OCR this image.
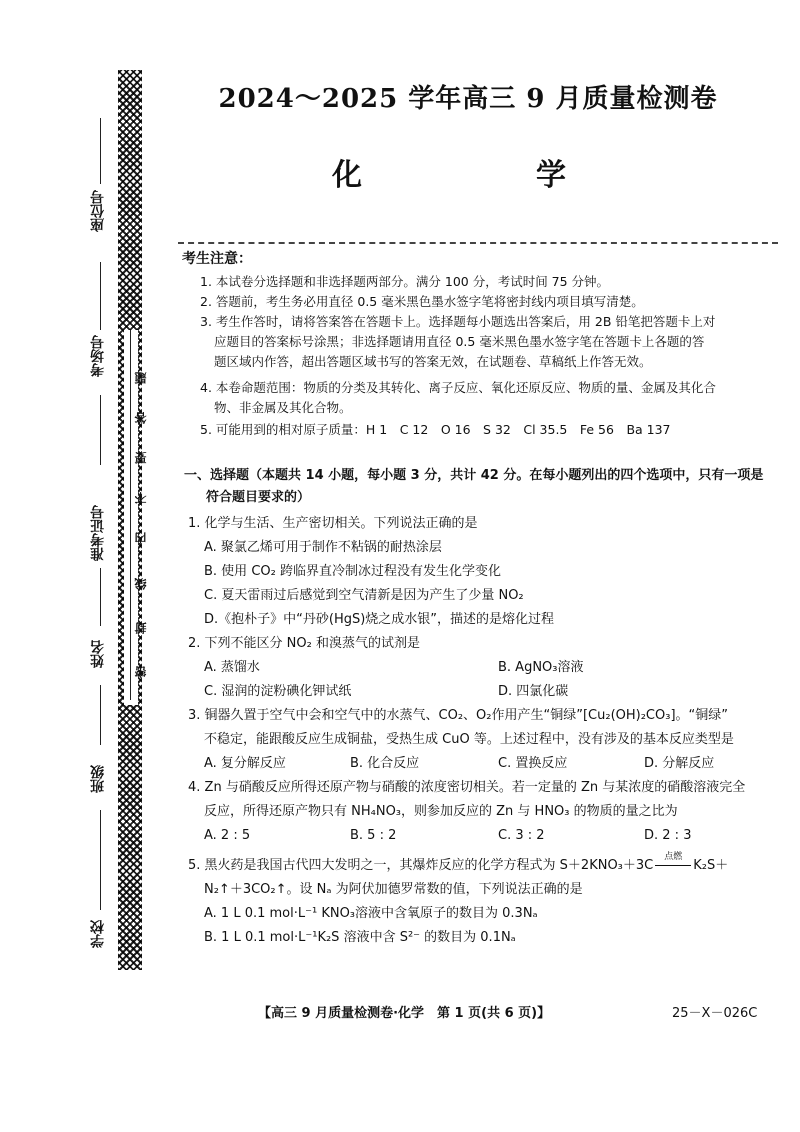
座位号
考场号
准考证号
姓名
班级
学校
题
答
要
不
内
线
封
密
2024～2025 学年高三 9 月质量检测卷
化　　学
考生注意：
1. 本试卷分选择题和非选择题两部分。满分 100 分，考试时间 75 分钟。
2. 答题前，考生务必用直径 0.5 毫米黑色墨水签字笔将密封线内项目填写清楚。
3. 考生作答时，请将答案答在答题卡上。选择题每小题选出答案后，用 2B 铅笔把答题卡上对
应题目的答案标号涂黑；非选择题请用直径 0.5 毫米黑色墨水签字笔在答题卡上各题的答
题区域内作答，超出答题区域书写的答案无效，在试题卷、草稿纸上作答无效。
4. 本卷命题范围：物质的分类及其转化、离子反应、氧化还原反应、物质的量、金属及其化合
物、非金属及其化合物。
5. 可能用到的相对原子质量：H 1　C 12　O 16　S 32　Cl 35.5　Fe 56　Ba 137
一、选择题（本题共 14 小题，每小题 3 分，共计 42 分。在每小题列出的四个选项中，只有一项是
符合题目要求的）
1. 化学与生活、生产密切相关。下列说法正确的是
A. 聚氯乙烯可用于制作不粘锅的耐热涂层
B. 使用 CO₂ 跨临界直冷制冰过程没有发生化学变化
C. 夏天雷雨过后感觉到空气清新是因为产生了少量 NO₂
D.《抱朴子》中“丹砂(HgS)烧之成水银”，描述的是熔化过程
2. 下列不能区分 NO₂ 和溴蒸气的试剂是
A. 蒸馏水	B. AgNO₃溶液
C. 湿润的淀粉碘化钾试纸	D. 四氯化碳
3. 铜器久置于空气中会和空气中的水蒸气、CO₂、O₂作用产生“铜绿”[Cu₂(OH)₂CO₃]。“铜绿”
不稳定，能跟酸反应生成铜盐，受热生成 CuO 等。上述过程中，没有涉及的基本反应类型是
A. 复分解反应	B. 化合反应	C. 置换反应	D. 分解反应
4. Zn 与硝酸反应所得还原产物与硝酸的浓度密切相关。若一定量的 Zn 与某浓度的硝酸溶液完全
反应，所得还原产物只有 NH₄NO₃，则参加反应的 Zn 与 HNO₃ 的物质的量之比为
A. 2 : 5	B. 5 : 2	C. 3 : 2	D. 2 : 3
5. 黑火药是我国古代四大发明之一，其爆炸反应的化学方程式为 S＋2KNO₃＋3C
点燃
K₂S＋
N₂↑＋3CO₂↑。设 Nₐ 为阿伏加德罗常数的值，下列说法正确的是
A. 1 L 0.1 mol·L⁻¹ KNO₃溶液中含氧原子的数目为 0.3Nₐ
B. 1 L 0.1 mol·L⁻¹K₂S 溶液中含 S²⁻ 的数目为 0.1Nₐ
【高三 9 月质量检测卷·化学　第 1 页(共 6 页)】	25－X－026C
